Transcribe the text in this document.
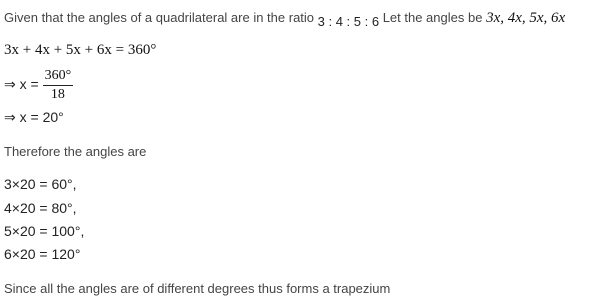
Given that the angles of a quadrilateral are in the ratio 3 : 4 : 5 : 6 Let the angles be 3x, 4x, 5x, 6x
3x + 4x + 5x + 6x = 360°
⇒ $x = \frac{360^\circ}{18}$
⇒ x = 20°
Therefore the angles are
3×20 = 60°,
4×20 = 80°,
5×20 = 100°,
6×20 = 120°
Since all the angles are of different degrees thus forms a trapezium
